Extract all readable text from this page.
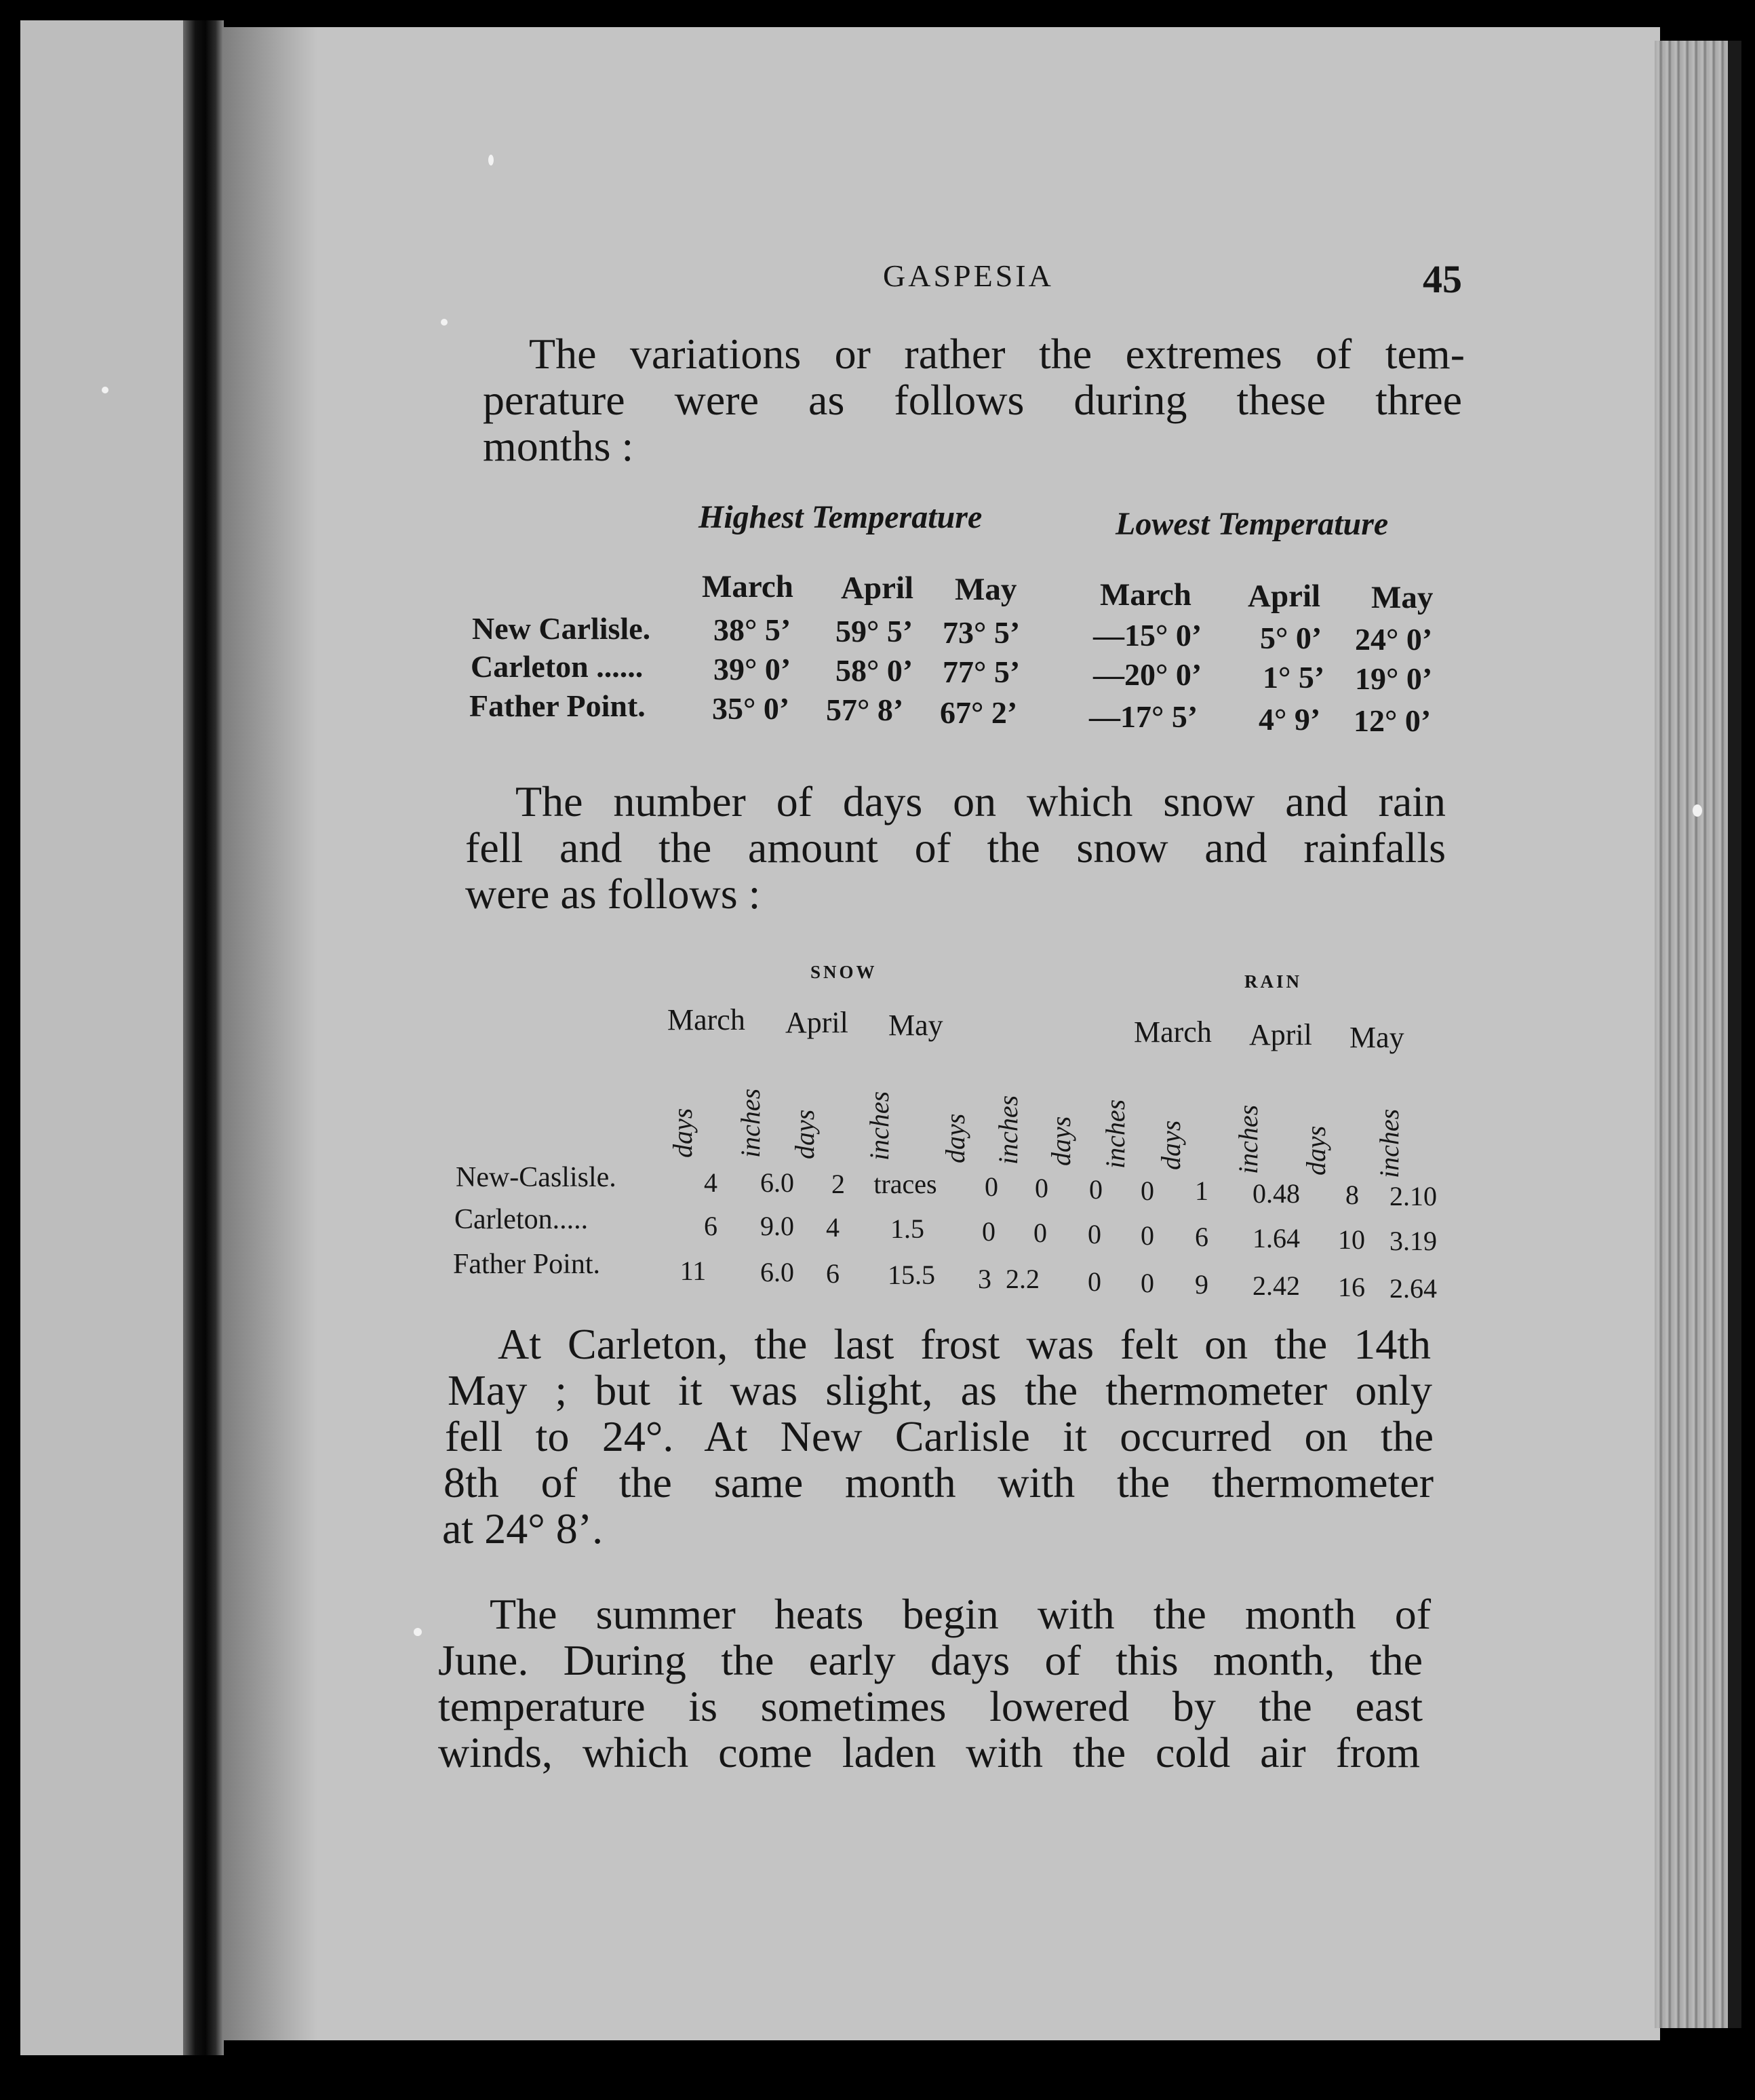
GASPESIA	45
The variations or rather the extremes of tem-
perature were as follows during these three
months :
Highest Temperature	Lowest Temperature
March April May	March April May
New Carlisle. 38° 5’ 59° 5’ 73° 5’ —15° 0’ 5° 0’ 24° 0’
Carleton ...... 39° 0’ 58° 0’ 77° 5’ —20° 0’ 1° 5’ 19° 0’
Father Point. 35° 0’ 57° 8’ 67° 2’ —17° 5’ 4° 9’ 12° 0’
The number of days on which snow and rain
fell and the amount of the snow and rainfalls
were as follows :
SNOW	RAIN
March April May	March April May
days inches days inches days inches days inches days inches days inches
New-Caslisle.	4	6.0	2	traces	0 0 0 0 1	0.48	8	2.10
Carleton.....	6	9.0	4	1.5	0 0 0 0 6	1.64	10 3.19
Father Point.	11	6.0	6	15.5	3 2.2	0 0 9	2.42	16 2.64
At Carleton, the last frost was felt on the 14th
May ; but it was slight, as the thermometer only
fell to 24°. At New Carlisle it occurred on the
8th of the same month with the thermometer
at 24° 8’.
The summer heats begin with the month of
June. During the early days of this month, the
temperature is sometimes lowered by the east
winds, which come laden with the cold air from
